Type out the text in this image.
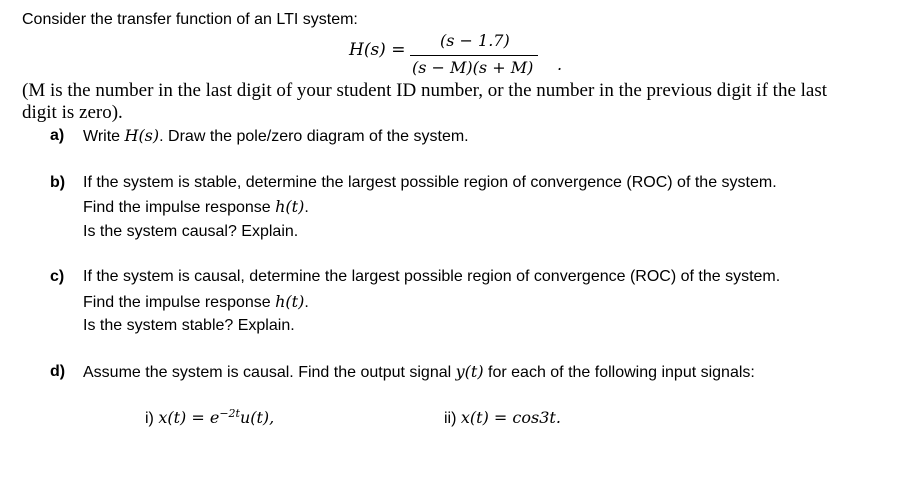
Consider the transfer function of an LTI system:
H(s) = (s − 1.7)
(s − M)(s + M) .
(M is the number in the last digit of your student ID number, or the number in the previous digit if the last
digit is zero).
a) Write H(s). Draw the pole/zero diagram of the system.
b) If the system is stable, determine the largest possible region of convergence (ROC) of the system.
Find the impulse response h(t).
Is the system causal? Explain.
c) If the system is causal, determine the largest possible region of convergence (ROC) of the system.
Find the impulse response h(t).
Is the system stable? Explain.
d) Assume the system is causal. Find the output signal y(t) for each of the following input signals:
i) $x(t) = e^{-2t}u(t)$,	ii) x(t) = cos3t.
